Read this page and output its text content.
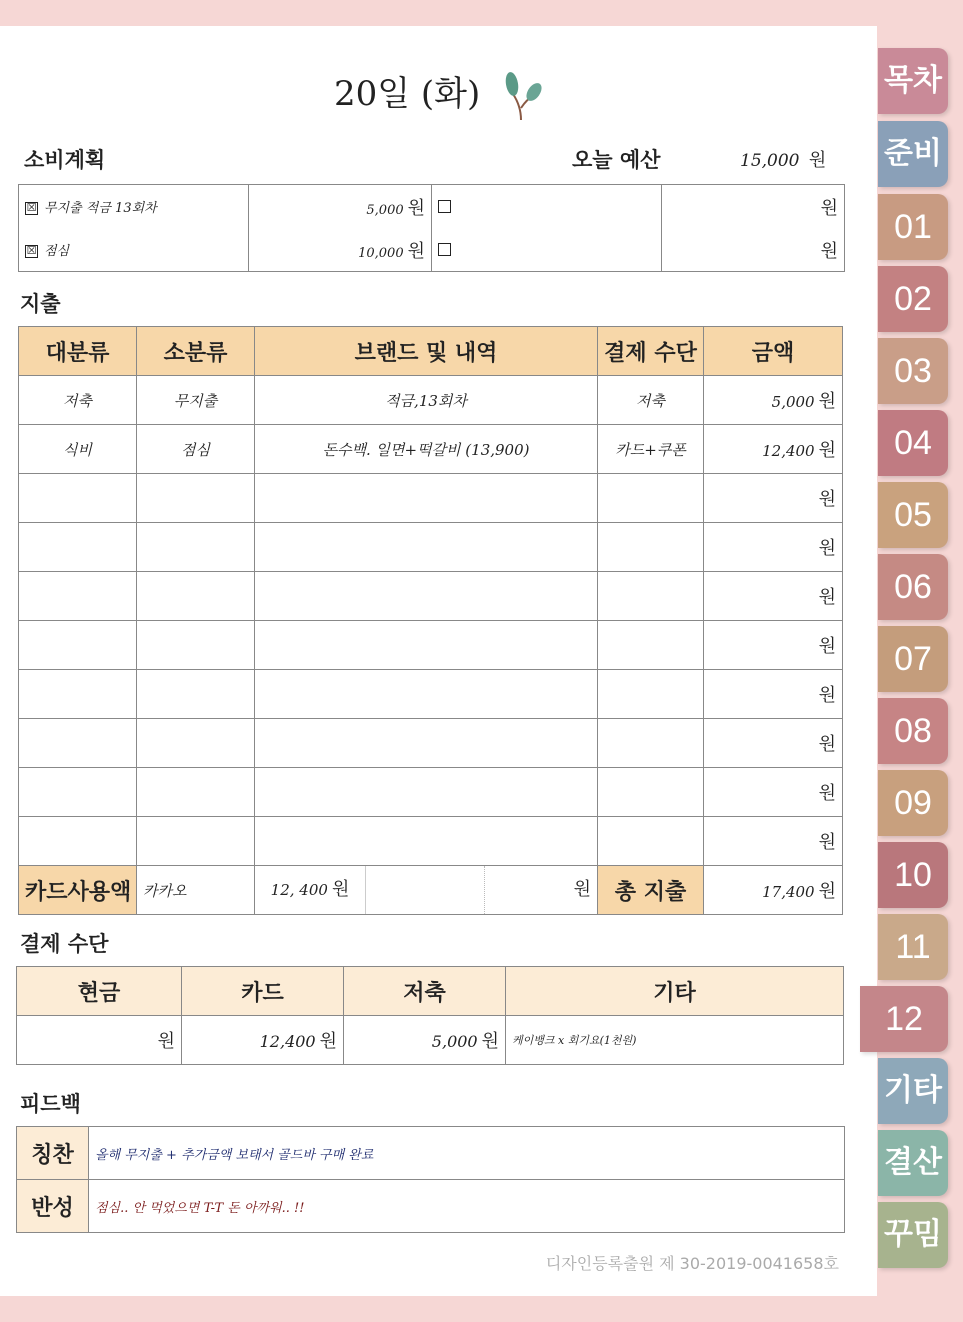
20일 (화)
소비계획	오늘 예산	15,000 원
☒ 무지출 적금 13회차	5,000 원		원
☒ 점심	10,000 원		원
지출
대분류	소분류	브랜드 및 내역	결제 수단	금액
저축	무지출	적금,13회차	저축	5,000 원
식비	점심	돈수백. 일면+떡갈비 (13,900)	카드+쿠폰	12,400 원
				원
				원
				원
				원
				원
				원
				원
				원
카드사용액	카카오	12, 400 원 원	총 지출	17,400 원
결제 수단
현금	카드	저축	기타
원	12,400 원	5,000 원	케이뱅크 x 회기요(1천원)
피드백
칭찬	올해 무지출 + 추가금액 보태서 골드바 구매 완료
반성	점심.. 안 먹었으면 T-T 돈 아까워.. !!
디자인등록출원 제 30-2019-0041658호
목차
준비
01
02
03
04
05
06
07
08
09
10
11
12
기타
결산
꾸밈
